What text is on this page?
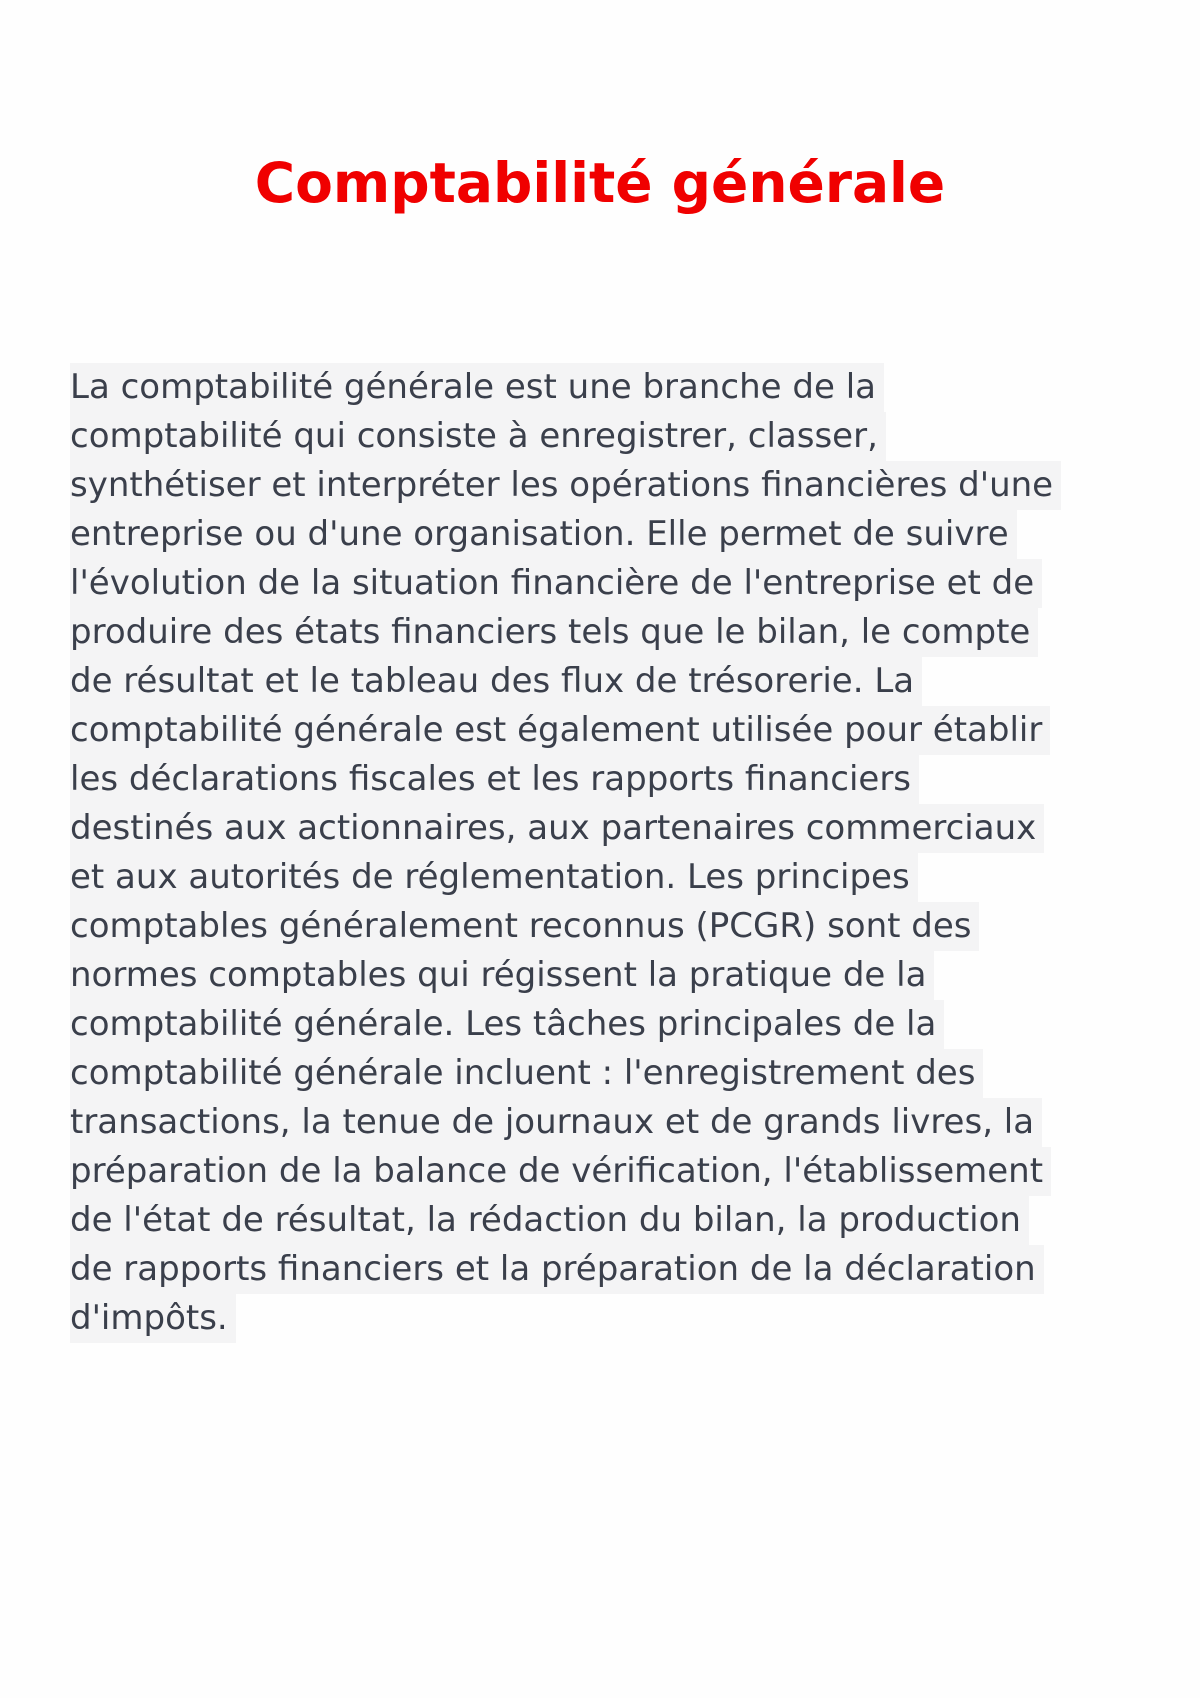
Comptabilité générale
La comptabilité générale est une branche de la
comptabilité qui consiste à enregistrer, classer,
synthétiser et interpréter les opérations financières d'une
entreprise ou d'une organisation. Elle permet de suivre
l'évolution de la situation financière de l'entreprise et de
produire des états financiers tels que le bilan, le compte
de résultat et le tableau des flux de trésorerie. La
comptabilité générale est également utilisée pour établir
les déclarations fiscales et les rapports financiers
destinés aux actionnaires, aux partenaires commerciaux
et aux autorités de réglementation. Les principes
comptables généralement reconnus (PCGR) sont des
normes comptables qui régissent la pratique de la
comptabilité générale. Les tâches principales de la
comptabilité générale incluent : l'enregistrement des
transactions, la tenue de journaux et de grands livres, la
préparation de la balance de vérification, l'établissement
de l'état de résultat, la rédaction du bilan, la production
de rapports financiers et la préparation de la déclaration
d'impôts.
